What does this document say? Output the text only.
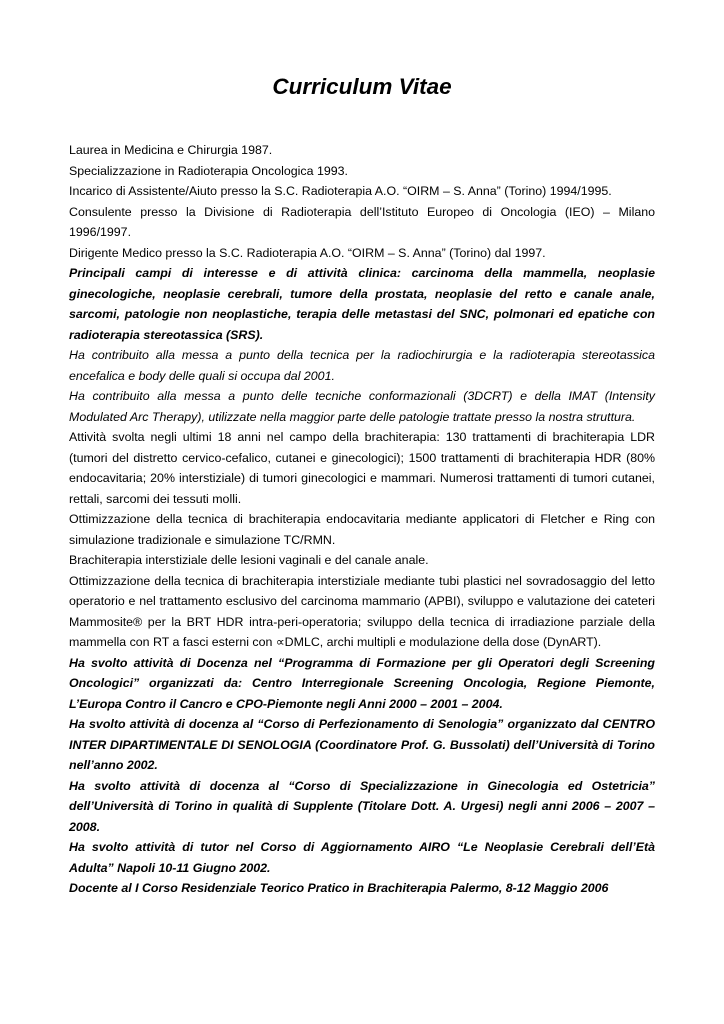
Curriculum Vitae

Laurea in Medicina e Chirurgia 1987.

Specializzazione in Radioterapia Oncologica 1993.

Incarico di Assistente/Aiuto presso la S.C. Radioterapia A.O. “OIRM – S. Anna” (Torino) 1994/1995.

Consulente presso la Divisione di Radioterapia dell’Istituto Europeo di Oncologia (IEO) – Milano 1996/1997.

Dirigente Medico presso la S.C. Radioterapia A.O. “OIRM – S. Anna” (Torino) dal 1997.

Principali campi di interesse e di attività clinica: carcinoma della mammella, neoplasie ginecologiche, neoplasie cerebrali, tumore della prostata, neoplasie del retto e canale anale, sarcomi, patologie non neoplastiche, terapia delle metastasi del SNC, polmonari ed epatiche con radioterapia stereotassica (SRS).

Ha contribuito alla messa a punto della tecnica per la radiochirurgia e la radioterapia stereotassica encefalica e body delle quali si occupa dal 2001.

Ha contribuito alla messa a punto delle tecniche conformazionali (3DCRT) e della IMAT (Intensity Modulated Arc Therapy), utilizzate nella maggior parte delle patologie trattate presso la nostra struttura.

Attività svolta negli ultimi 18 anni nel campo della brachiterapia: 130 trattamenti di brachiterapia LDR (tumori del distretto cervico-cefalico, cutanei e ginecologici); 1500 trattamenti di brachiterapia HDR (80% endocavitaria; 20% interstiziale) di tumori ginecologici e mammari. Numerosi trattamenti di tumori cutanei, rettali, sarcomi dei tessuti molli.

Ottimizzazione della tecnica di brachiterapia endocavitaria mediante applicatori di Fletcher e Ring con simulazione tradizionale e simulazione TC/RMN.

Brachiterapia interstiziale delle lesioni vaginali e del canale anale.

Ottimizzazione della tecnica di brachiterapia interstiziale mediante tubi plastici nel sovradosaggio del letto operatorio e nel trattamento esclusivo del carcinoma mammario (APBI), sviluppo e valutazione dei cateteri Mammosite® per la BRT HDR intra-peri-operatoria; sviluppo della tecnica di irradiazione parziale della mammella con RT a fasci esterni con ∝DMLC, archi multipli e modulazione della dose (DynART).

Ha svolto attività di Docenza nel “Programma di Formazione per gli Operatori degli Screening Oncologici” organizzati da: Centro Interregionale Screening Oncologia, Regione Piemonte, L’Europa Contro il Cancro e CPO-Piemonte negli Anni 2000 – 2001 – 2004.

Ha svolto attività di docenza al “Corso di Perfezionamento di Senologia” organizzato dal CENTRO INTER DIPARTIMENTALE DI SENOLOGIA (Coordinatore Prof. G. Bussolati) dell’Università di Torino nell’anno 2002.

Ha svolto attività di docenza al “Corso di Specializzazione in Ginecologia ed Ostetricia” dell’Università di Torino in qualità di Supplente (Titolare Dott. A. Urgesi) negli anni 2006 – 2007 – 2008.

Ha svolto attività di tutor nel Corso di Aggiornamento AIRO “Le Neoplasie Cerebrali dell’Età Adulta” Napoli 10-11 Giugno 2002.

Docente al I Corso Residenziale Teorico Pratico in Brachiterapia Palermo, 8-12 Maggio 2006
